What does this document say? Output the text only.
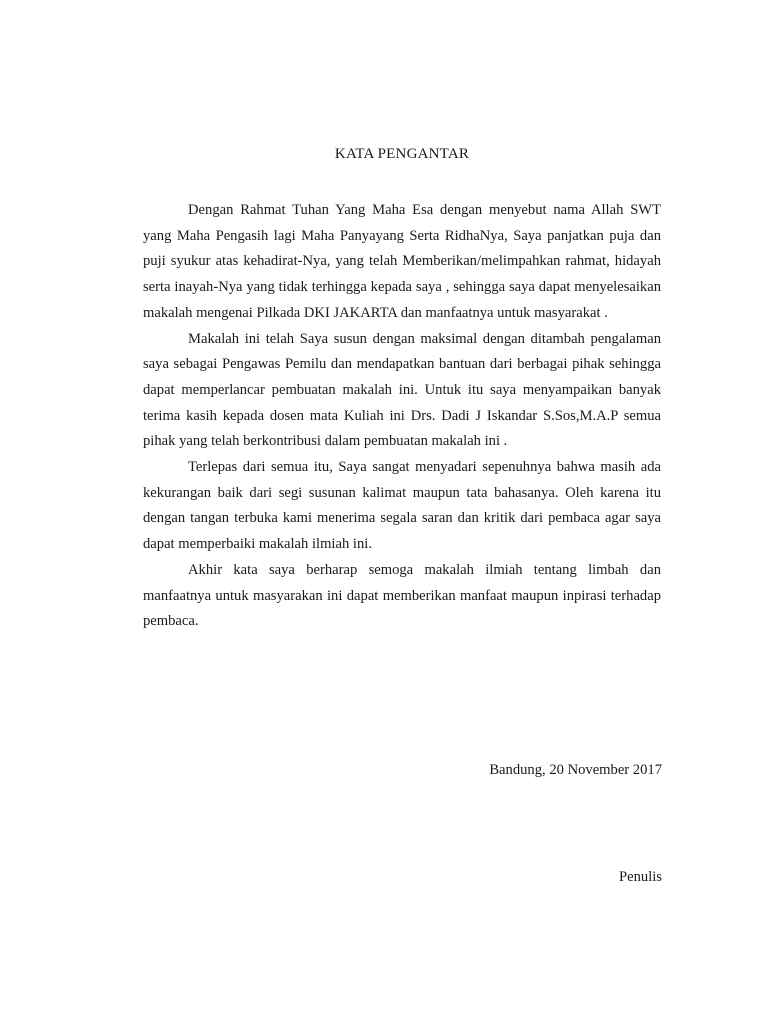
KATA PENGANTAR

Dengan Rahmat Tuhan Yang Maha Esa dengan menyebut nama Allah SWT yang Maha Pengasih lagi Maha Panyayang Serta RidhaNya, Saya panjatkan puja dan puji syukur atas kehadirat-Nya, yang telah Memberikan/melimpahkan rahmat, hidayah serta inayah-Nya yang tidak terhingga kepada saya , sehingga saya dapat menyelesaikan makalah mengenai Pilkada DKI JAKARTA dan manfaatnya untuk masyarakat .

Makalah ini telah Saya susun dengan maksimal dengan ditambah pengalaman saya sebagai Pengawas Pemilu dan mendapatkan bantuan dari berbagai pihak sehingga dapat memperlancar pembuatan makalah ini. Untuk itu saya menyampaikan banyak terima kasih kepada dosen mata Kuliah ini Drs. Dadi J Iskandar S.Sos,M.A.P semua pihak yang telah berkontribusi dalam pembuatan makalah ini .

Terlepas dari semua itu, Saya sangat menyadari sepenuhnya bahwa masih ada kekurangan baik dari segi susunan kalimat maupun tata bahasanya. Oleh karena itu dengan tangan terbuka kami menerima segala saran dan kritik dari pembaca agar saya dapat memperbaiki makalah ilmiah ini.

Akhir kata saya berharap semoga makalah ilmiah tentang limbah dan manfaatnya untuk masyarakan ini dapat memberikan manfaat maupun inpirasi terhadap pembaca.

Bandung, 20 November 2017
Penulis
